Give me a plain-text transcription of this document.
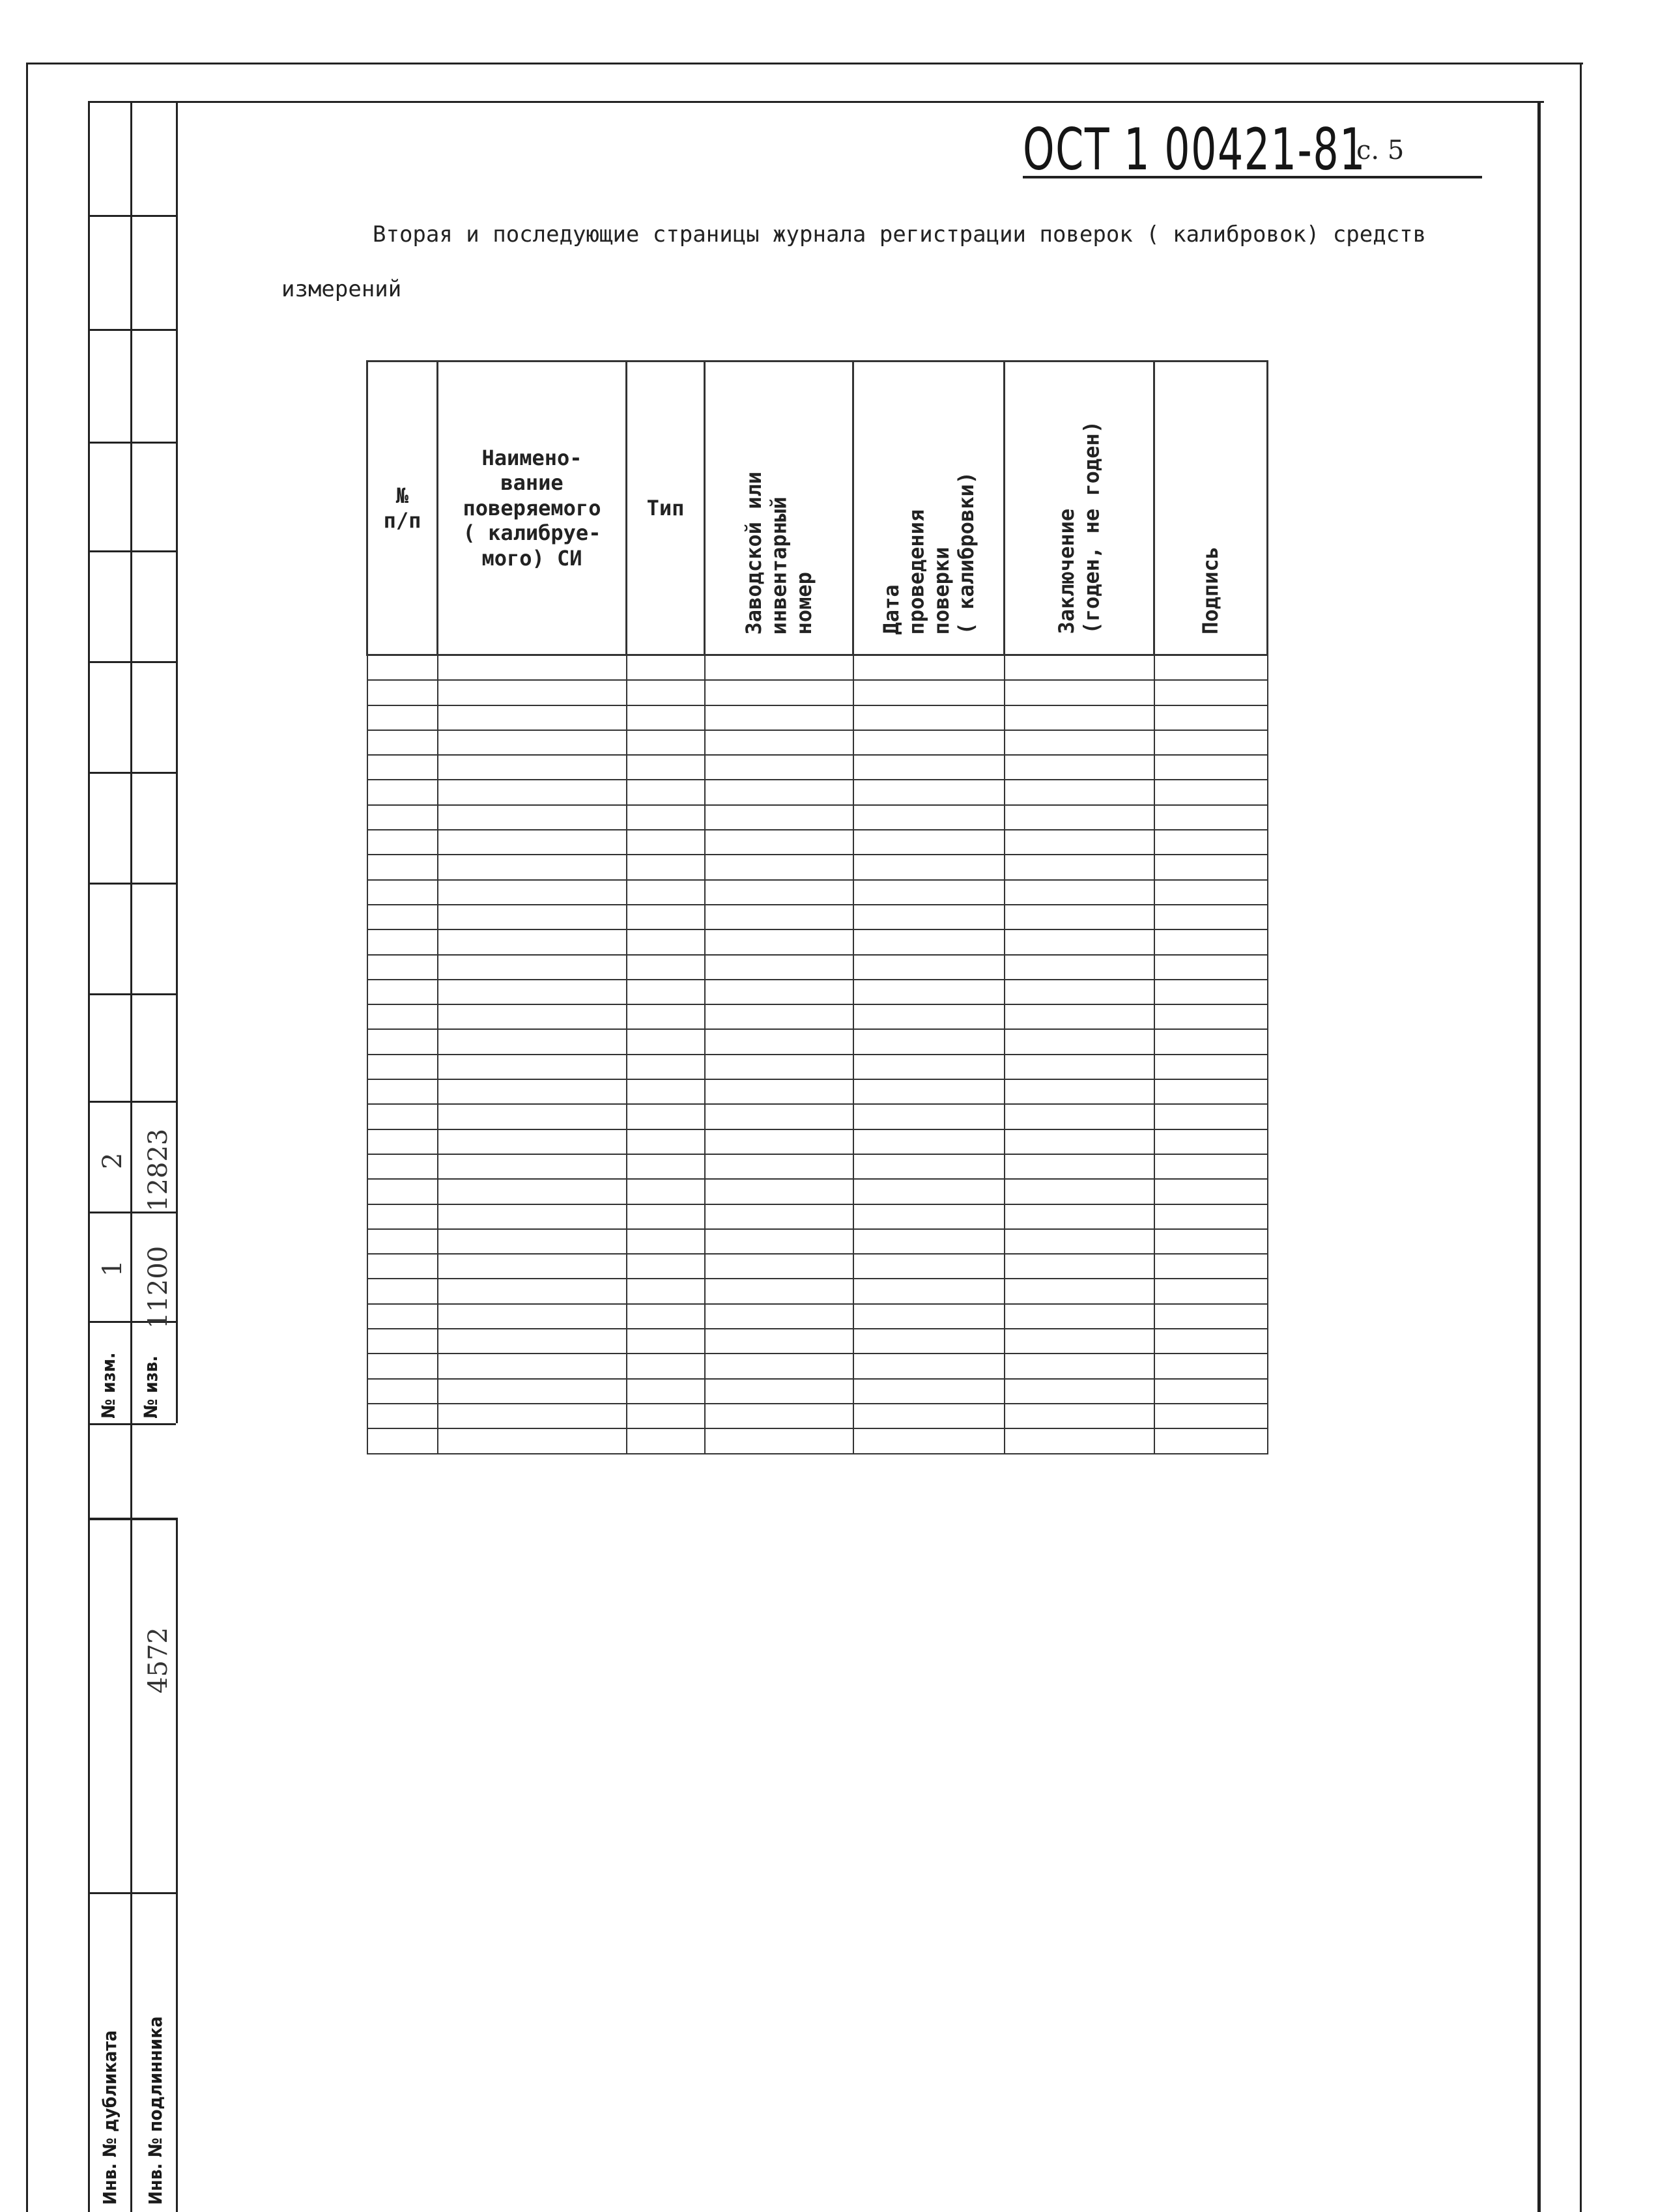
ОСТ 1 00421-81
с. 5
Вторая и последующие страницы журнала регистрации поверок ( калибровок) средств
измерений
№
п/п	Наимено-
вание
поверяемого
( калибруе-
мого) СИ	Тип	Заводской или
инвентарный
номер	Дата
проведения
поверки
( калибровки)	Заключение
(годен, не годен)	Подпись

№ изм. № изв.
1
2
11200
12823
Инв. № дубликата Инв. № подлинника
4572
